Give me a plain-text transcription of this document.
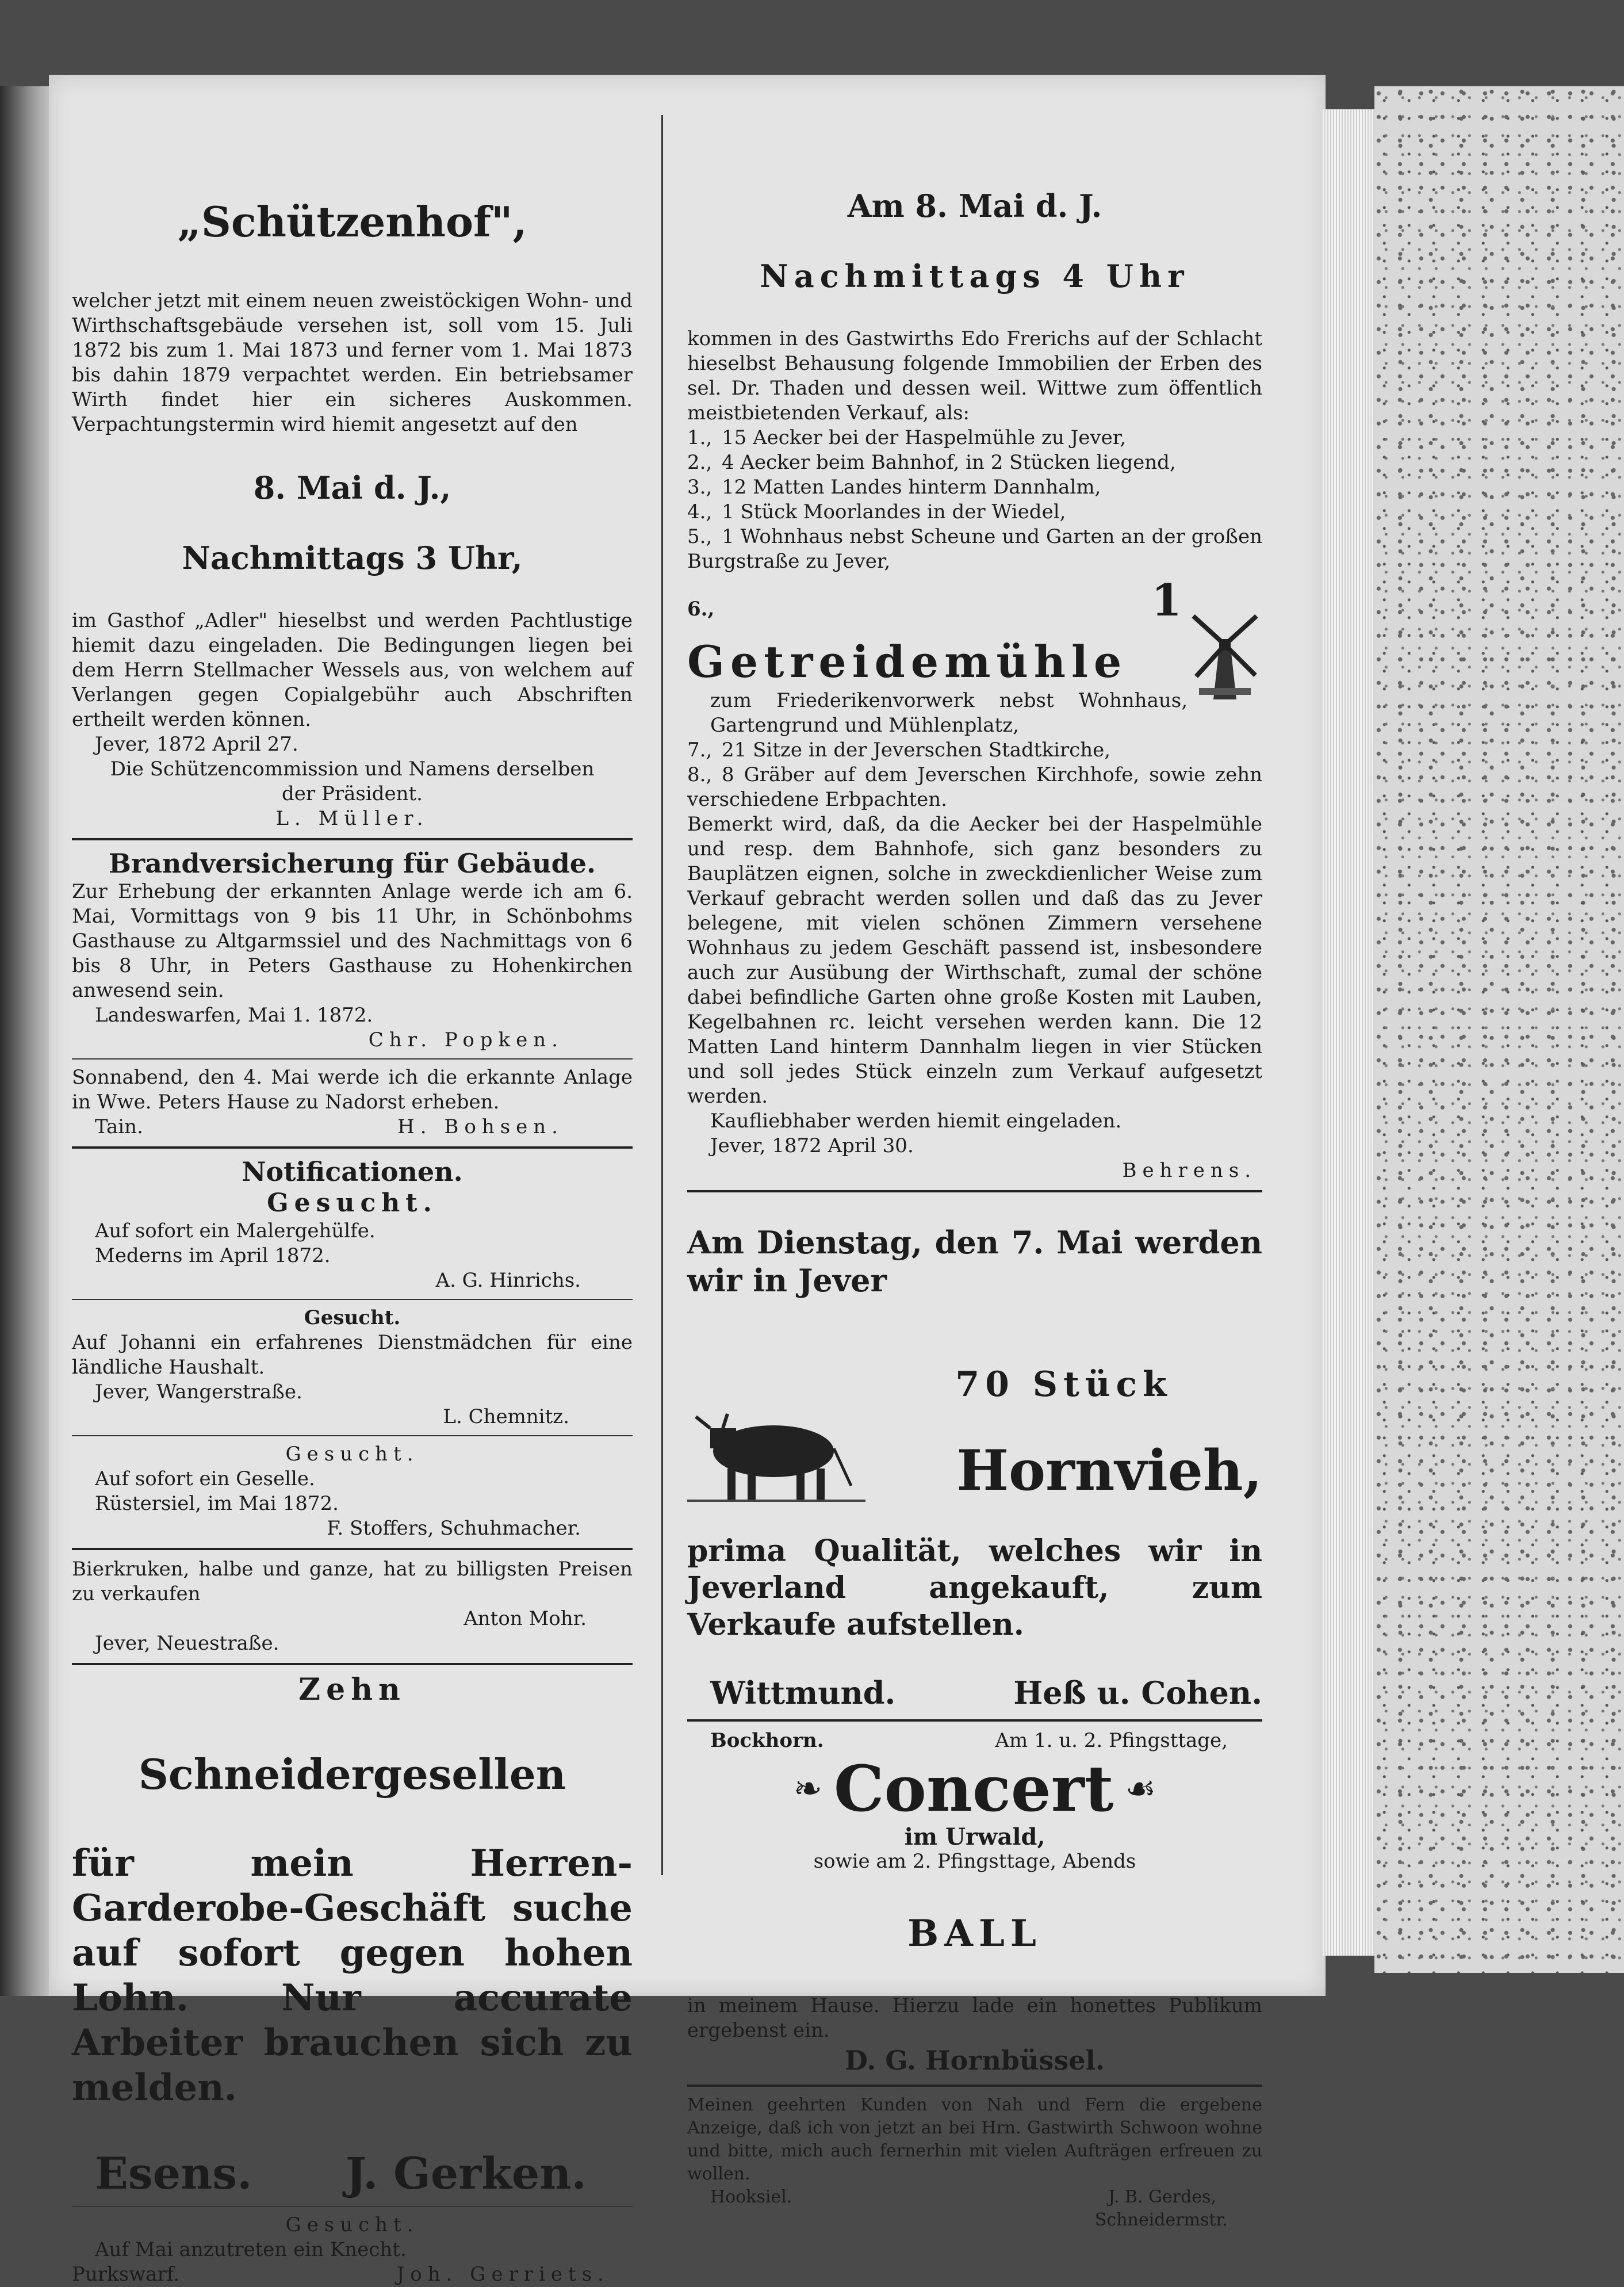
„Schützenhof",

welcher jetzt mit einem neuen zweistöckigen Wohn- und Wirthschaftsgebäude versehen ist, soll vom 15. Juli 1872 bis zum 1. Mai 1873 und ferner vom 1. Mai 1873 bis dahin 1879 verpachtet werden. Ein betriebsamer Wirth findet hier ein sicheres Auskommen. Verpachtungstermin wird hiemit angesetzt auf den

8. Mai d. J.,

Nachmittags 3 Uhr,

im Gasthof „Adler" hieselbst und werden Pachtlustige hiemit dazu eingeladen. Die Bedingungen liegen bei dem Herrn Stellmacher Wessels aus, von welchem auf Verlangen gegen Copialgebühr auch Abschriften ertheilt werden können.

Jever, 1872 April 27.

Die Schützencommission und Namens derselben

der Präsident.

L. Müller.

Brandversicherung für Gebäude.

Zur Erhebung der erkannten Anlage werde ich am 6. Mai, Vormittags von 9 bis 11 Uhr, in Schönbohms Gasthause zu Altgarmssiel und des Nachmittags von 6 bis 8 Uhr, in Peters Gasthause zu Hohenkirchen anwesend sein.

Landeswarfen, Mai 1. 1872.

Chr. Popken.

Sonnabend, den 4. Mai werde ich die erkannte Anlage in Wwe. Peters Hause zu Nadorst erheben.

Tain.	H. Bohsen.

Notificationen.

Gesucht.

Auf sofort ein Malergehülfe.

Mederns im April 1872.

A. G. Hinrichs.

Gesucht.

Auf Johanni ein erfahrenes Dienstmädchen für eine ländliche Haushalt.

Jever, Wangerstraße.

L. Chemnitz.

Gesucht.

Auf sofort ein Geselle.

Rüstersiel, im Mai 1872.

F. Stoffers, Schuhmacher.

Bierkruken, halbe und ganze, hat zu billigsten Preisen zu verkaufen

Anton Mohr.

Jever, Neuestraße.

Zehn

Schneidergesellen

für mein Herren-Garderobe-Geschäft suche auf sofort gegen hohen Lohn. Nur accurate Arbeiter brauchen sich zu melden.

Esens. J. Gerken.

Gesucht.

Auf Mai anzutreten ein Knecht.

Purkswarf.	Joh. Gerriets.

Am 8. Mai d. J.

Nachmittags 4 Uhr

kommen in des Gastwirths Edo Frerichs auf der Schlacht hieselbst Behausung folgende Immobilien der Erben des sel. Dr. Thaden und dessen weil. Wittwe zum öffentlich meistbietenden Verkauf, als:

1., 15 Aecker bei der Haspelmühle zu Jever,

2., 4 Aecker beim Bahnhof, in 2 Stücken liegend,

3., 12 Matten Landes hinterm Dannhalm,

4., 1 Stück Moorlandes in der Wiedel,

5., 1 Wohnhaus nebst Scheune und Garten an der großen Burgstraße zu Jever,

6.,	1 Getreidemühle

zum Friederikenvorwerk nebst Wohnhaus, Gartengrund und Mühlenplatz,

7., 21 Sitze in der Jeverschen Stadtkirche,

8., 8 Gräber auf dem Jeverschen Kirchhofe, sowie zehn verschiedene Erbpachten.

Bemerkt wird, daß, da die Aecker bei der Haspelmühle und resp. dem Bahnhofe, sich ganz besonders zu Bauplätzen eignen, solche in zweckdienlicher Weise zum Verkauf gebracht werden sollen und daß das zu Jever belegene, mit vielen schönen Zimmern versehene Wohnhaus zu jedem Geschäft passend ist, insbesondere auch zur Ausübung der Wirthschaft, zumal der schöne dabei befindliche Garten ohne große Kosten mit Lauben, Kegelbahnen rc. leicht versehen werden kann. Die 12 Matten Land hinterm Dannhalm liegen in vier Stücken und soll jedes Stück einzeln zum Verkauf aufgesetzt werden.

Kaufliebhaber werden hiemit eingeladen.

Jever, 1872 April 30.

Behrens.

Am Dienstag, den 7. Mai werden wir in Jever

70 Stück

Hornvieh,

prima Qualität, welches wir in Jeverland angekauft, zum Verkaufe aufstellen.

Wittmund.	Heß u. Cohen.
Bockhorn.	Am 1. u. 2. Pfingsttage,
❧ Concert ☙

im Urwald,

sowie am 2. Pfingsttage, Abends

BALL

in meinem Hause. Hierzu lade ein honettes Publikum ergebenst ein.

D. G. Hornbüssel.

Meinen geehrten Kunden von Nah und Fern die ergebene Anzeige, daß ich von jetzt an bei Hrn. Gastwirth Schwoon wohne und bitte, mich auch fernerhin mit vielen Aufträgen erfreuen zu wollen.

Hooksiel.	J. B. Gerdes,

Schneidermstr.
